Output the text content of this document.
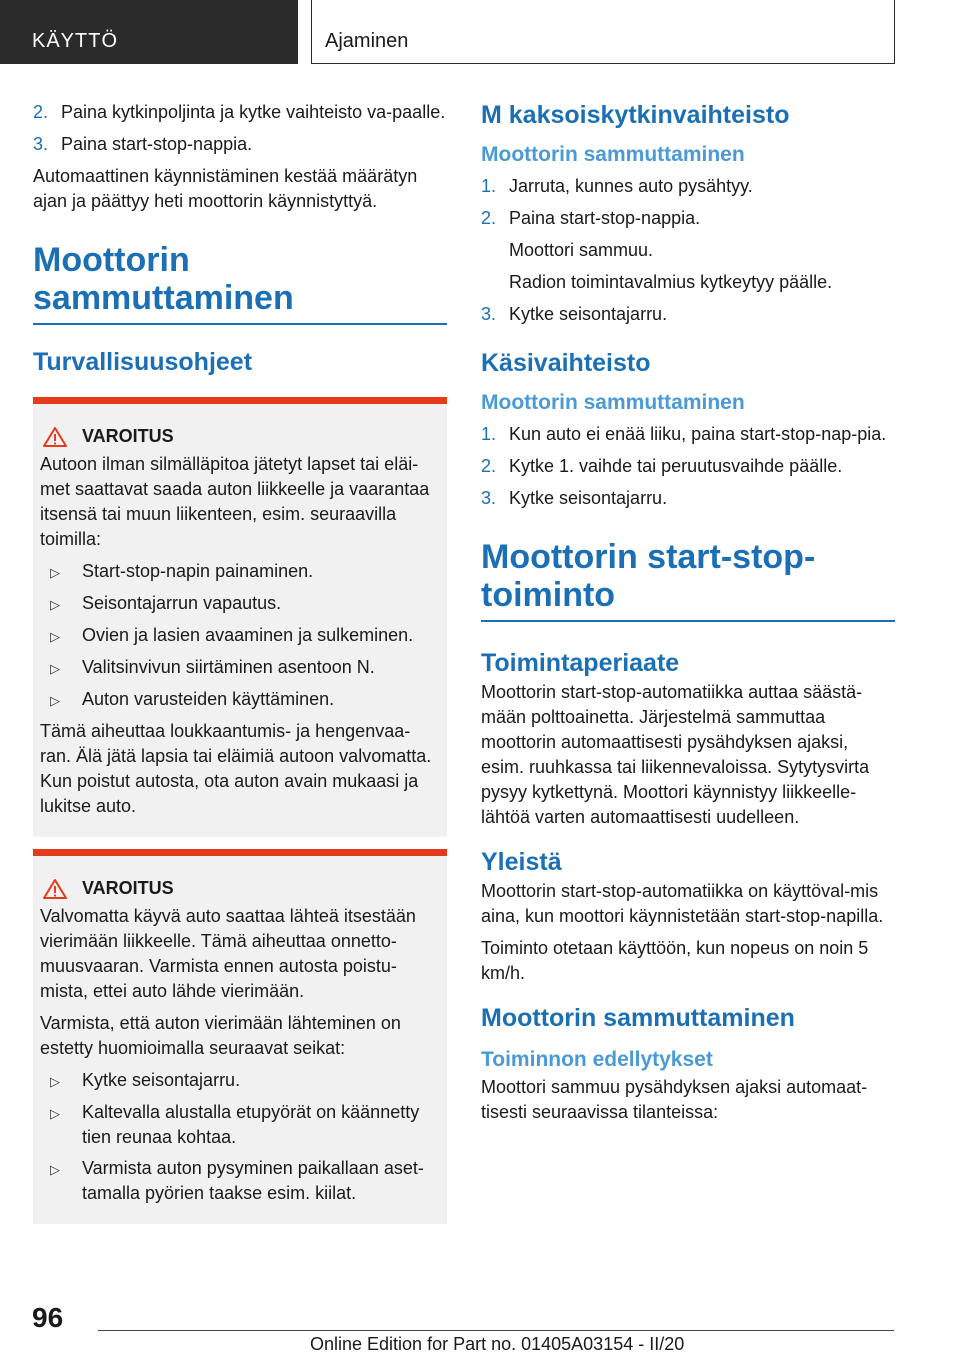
KÄYTTÖ	Ajaminen
2. Paina kytkinpoljinta ja kytke vaihteisto va-paalle.
3. Paina start-stop-nappia.

Automaattinen käynnistäminen kestää määrätyn ajan ja päättyy heti moottorin käynnistyttyä.

Moottorin sammuttaminen
Turvallisuusohjeet
VAROITUS

Autoon ilman silmälläpitoa jätetyt lapset tai eläi-met saattavat saada auton liikkeelle ja vaarantaa itsensä tai muun liikenteen, esim. seuraavilla toimilla:

▷	Start-stop-napin painaminen.
▷	Seisontajarrun vapautus.
▷	Ovien ja lasien avaaminen ja sulkeminen.
▷	Valitsinvivun siirtäminen asentoon N.
▷	Auton varusteiden käyttäminen.

Tämä aiheuttaa loukkaantumis- ja hengenvaa-ran. Älä jätä lapsia tai eläimiä autoon valvomatta. Kun poistut autosta, ota auton avain mukaasi ja lukitse auto.

VAROITUS

Valvomatta käyvä auto saattaa lähteä itsestään vierimään liikkeelle. Tämä aiheuttaa onnetto-muusvaaran. Varmista ennen autosta poistu-mista, ettei auto lähde vierimään.

Varmista, että auton vierimään lähteminen on estetty huomioimalla seuraavat seikat:

▷	Kytke seisontajarru.
▷	Kaltevalla alustalla etupyörät on käännetty tien reunaa kohtaa.
▷	Varmista auton pysyminen paikallaan aset-tamalla pyörien taakse esim. kiilat.
M kaksoiskytkinvaihteisto
Moottorin sammuttaminen
1. Jarruta, kunnes auto pysähtyy.
2. Paina start-stop-nappia.
Moottori sammuu.
Radion toimintavalmius kytkeytyy päälle.
3. Kytke seisontajarru.
Käsivaihteisto
Moottorin sammuttaminen
1. Kun auto ei enää liiku, paina start-stop-nap-pia.
2. Kytke 1. vaihde tai peruutusvaihde päälle.
3. Kytke seisontajarru.
Moottorin start-stop-toiminto
Toimintaperiaate

Moottorin start-stop-automatiikka auttaa säästä-mään polttoainetta. Järjestelmä sammuttaa moottorin automaattisesti pysähdyksen ajaksi, esim. ruuhkassa tai liikennevaloissa. Sytytysvirta pysyy kytkettynä. Moottori käynnistyy liikkeelle-lähtöä varten automaattisesti uudelleen.

Yleistä

Moottorin start-stop-automatiikka on käyttöval-mis aina, kun moottori käynnistetään start-stop-napilla.

Toiminto otetaan käyttöön, kun nopeus on noin 5 km/h.

Moottorin sammuttaminen
Toiminnon edellytykset

Moottori sammuu pysähdyksen ajaksi automaat-tisesti seuraavissa tilanteissa:

96
Online Edition for Part no. 01405A03154 - II/20
